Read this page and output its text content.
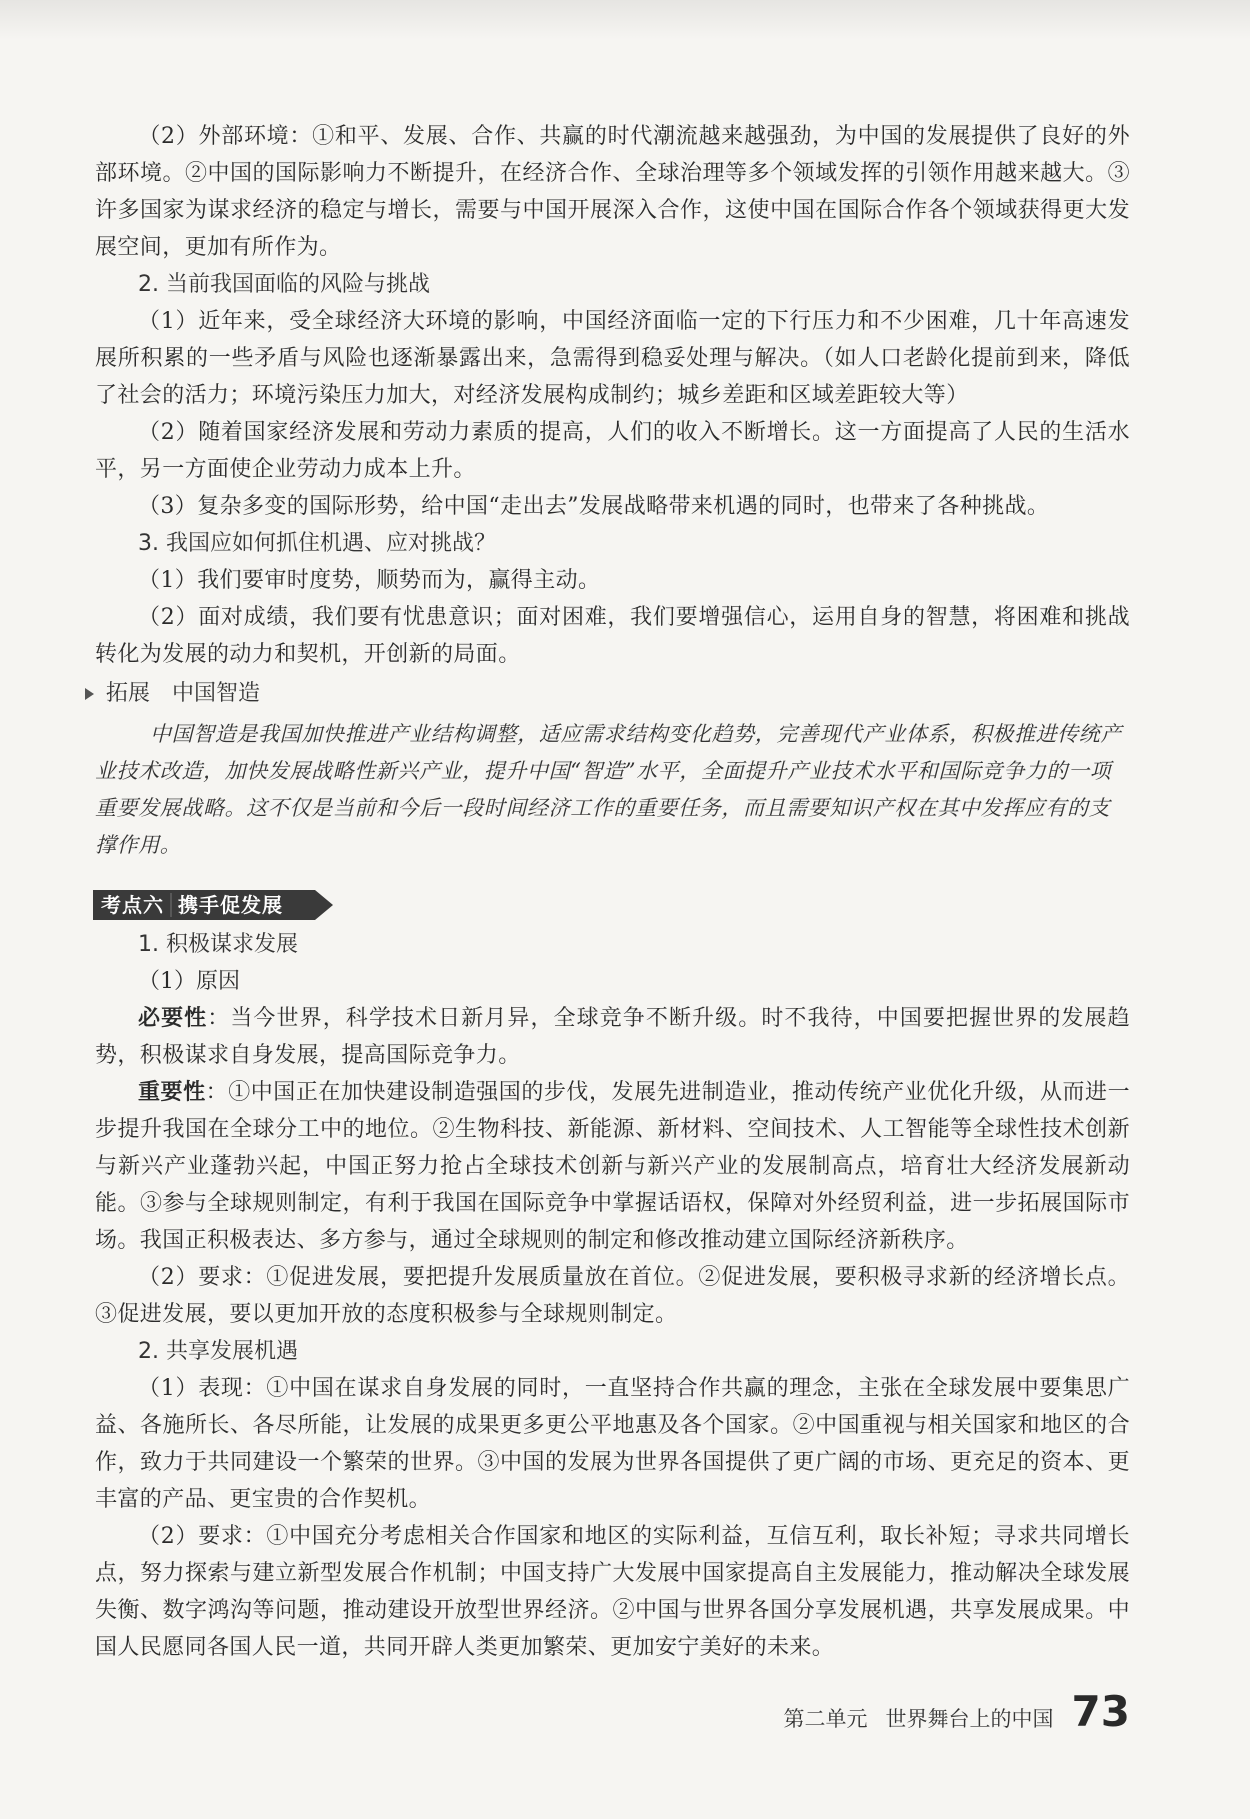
（2）外部环境：①和平、发展、合作、共赢的时代潮流越来越强劲，为中国的发展提供了良好的外部环境。②中国的国际影响力不断提升，在经济合作、全球治理等多个领域发挥的引领作用越来越大。③许多国家为谋求经济的稳定与增长，需要与中国开展深入合作，这使中国在国际合作各个领域获得更大发展空间，更加有所作为。

2. 当前我国面临的风险与挑战

（1）近年来，受全球经济大环境的影响，中国经济面临一定的下行压力和不少困难，几十年高速发展所积累的一些矛盾与风险也逐渐暴露出来，急需得到稳妥处理与解决。（如人口老龄化提前到来，降低了社会的活力；环境污染压力加大，对经济发展构成制约；城乡差距和区域差距较大等）

（2）随着国家经济发展和劳动力素质的提高，人们的收入不断增长。这一方面提高了人民的生活水平，另一方面使企业劳动力成本上升。

（3）复杂多变的国际形势，给中国“走出去”发展战略带来机遇的同时，也带来了各种挑战。

3. 我国应如何抓住机遇、应对挑战？

（1）我们要审时度势，顺势而为，赢得主动。

（2）面对成绩，我们要有忧患意识；面对困难，我们要增强信心，运用自身的智慧，将困难和挑战转化为发展的动力和契机，开创新的局面。

拓展 中国智造

中国智造是我国加快推进产业结构调整，适应需求结构变化趋势，完善现代产业体系，积极推进传统产业技术改造，加快发展战略性新兴产业，提升中国“智造”水平，全面提升产业技术水平和国际竞争力的一项重要发展战略。这不仅是当前和今后一段时间经济工作的重要任务，而且需要知识产权在其中发挥应有的支撑作用。

考点六 携手促发展

1. 积极谋求发展

（1）原因

必要性：当今世界，科学技术日新月异，全球竞争不断升级。时不我待，中国要把握世界的发展趋势，积极谋求自身发展，提高国际竞争力。

重要性：①中国正在加快建设制造强国的步伐，发展先进制造业，推动传统产业优化升级，从而进一步提升我国在全球分工中的地位。②生物科技、新能源、新材料、空间技术、人工智能等全球性技术创新与新兴产业蓬勃兴起，中国正努力抢占全球技术创新与新兴产业的发展制高点，培育壮大经济发展新动能。③参与全球规则制定，有利于我国在国际竞争中掌握话语权，保障对外经贸利益，进一步拓展国际市场。我国正积极表达、多方参与，通过全球规则的制定和修改推动建立国际经济新秩序。

（2）要求：①促进发展，要把提升发展质量放在首位。②促进发展，要积极寻求新的经济增长点。③促进发展，要以更加开放的态度积极参与全球规则制定。

2. 共享发展机遇

（1）表现：①中国在谋求自身发展的同时，一直坚持合作共赢的理念，主张在全球发展中要集思广益、各施所长、各尽所能，让发展的成果更多更公平地惠及各个国家。②中国重视与相关国家和地区的合作，致力于共同建设一个繁荣的世界。③中国的发展为世界各国提供了更广阔的市场、更充足的资本、更丰富的产品、更宝贵的合作契机。

（2）要求：①中国充分考虑相关合作国家和地区的实际利益，互信互利，取长补短；寻求共同增长点，努力探索与建立新型发展合作机制；中国支持广大发展中国家提高自主发展能力，推动解决全球发展失衡、数字鸿沟等问题，推动建设开放型世界经济。②中国与世界各国分享发展机遇，共享发展成果。中国人民愿同各国人民一道，共同开辟人类更加繁荣、更加安宁美好的未来。

第二单元 世界舞台上的中国 73
